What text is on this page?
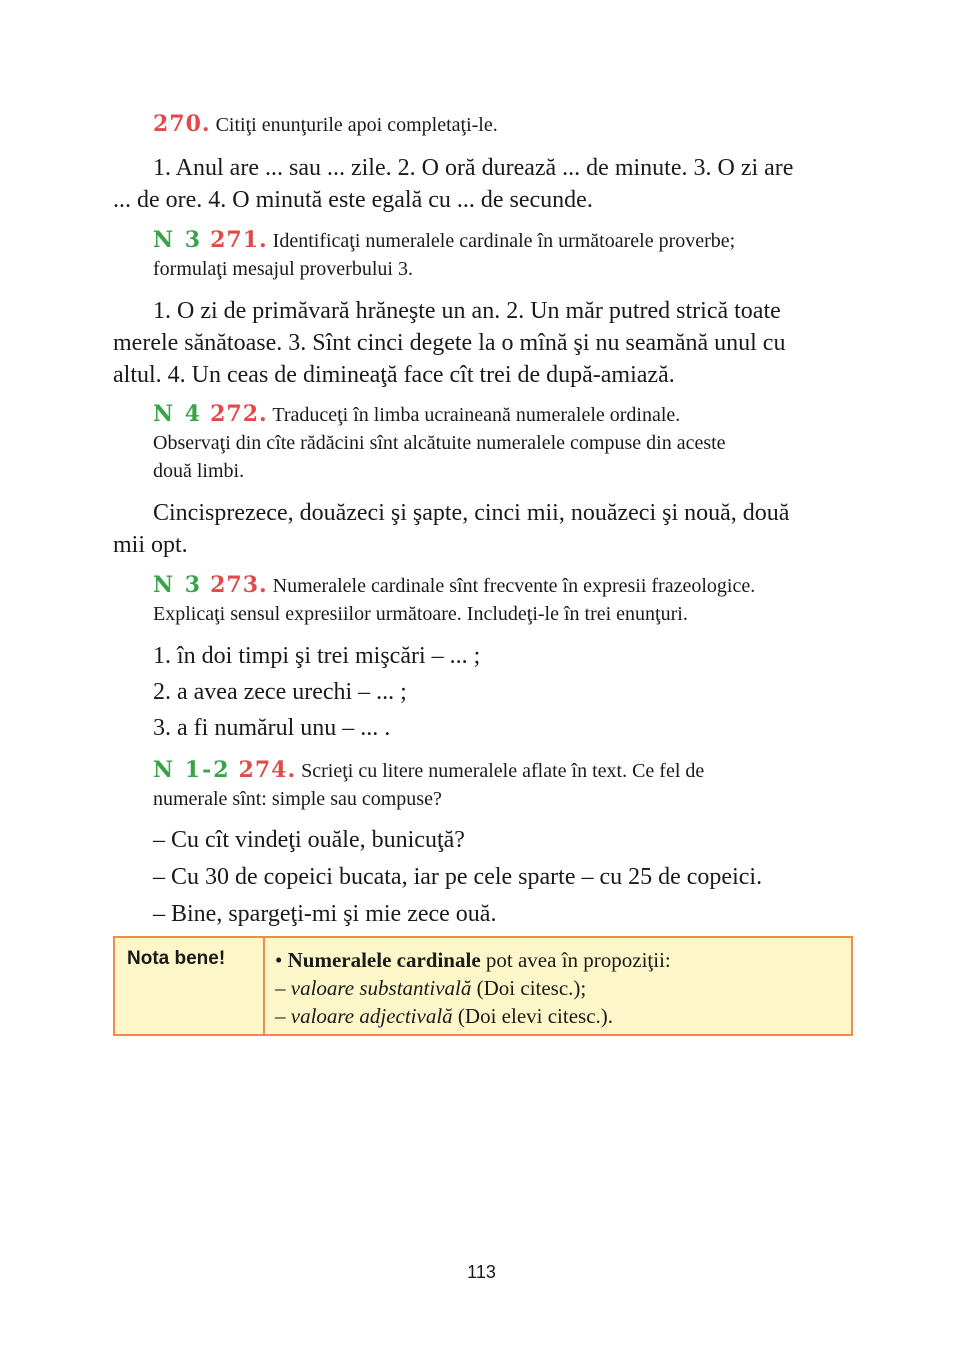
270. Citiţi enunţurile apoi completaţi-le.

1. Anul are ... sau ... zile. 2. O oră durează ... de minute. 3. O zi are

... de ore. 4. O minută este egală cu ... de secunde.

N 3 271. Identificaţi numeralele cardinale în următoarele proverbe;

formulaţi mesajul proverbului 3.

1. O zi de primăvară hrăneşte un an. 2. Un măr putred strică toate

merele sănătoase. 3. Sînt cinci degete la o mînă şi nu seamănă unul cu

altul. 4. Un ceas de dimineaţă face cît trei de după-amiază.

N 4 272. Traduceţi în limba ucraineană numeralele ordinale.

Observaţi din cîte rădăcini sînt alcătuite numeralele compuse din aceste

două limbi.

Cincisprezece, douăzeci şi şapte, cinci mii, nouăzeci şi nouă, două

mii opt.

N 3 273. Numeralele cardinale sînt frecvente în expresii frazeologice.

Explicaţi sensul expresiilor următoare. Includeţi-le în trei enunţuri.

1. în doi timpi şi trei mişcări – ... ;

2. a avea zece urechi – ... ;

3. a fi numărul unu – ... .

N 1-2 274. Scrieţi cu litere numeralele aflate în text. Ce fel de

numerale sînt: simple sau compuse?

– Cu cît vindeţi ouăle, bunicuţă?

– Cu 30 de copeici bucata, iar pe cele sparte – cu 25 de copeici.

– Bine, spargeţi-mi şi mie zece ouă.

Nota bene!	• Numeralele cardinale pot avea în propoziţii:
– valoare substantivală (Doi citesc.);
– valoare adjectivală (Doi elevi citesc.).
113
